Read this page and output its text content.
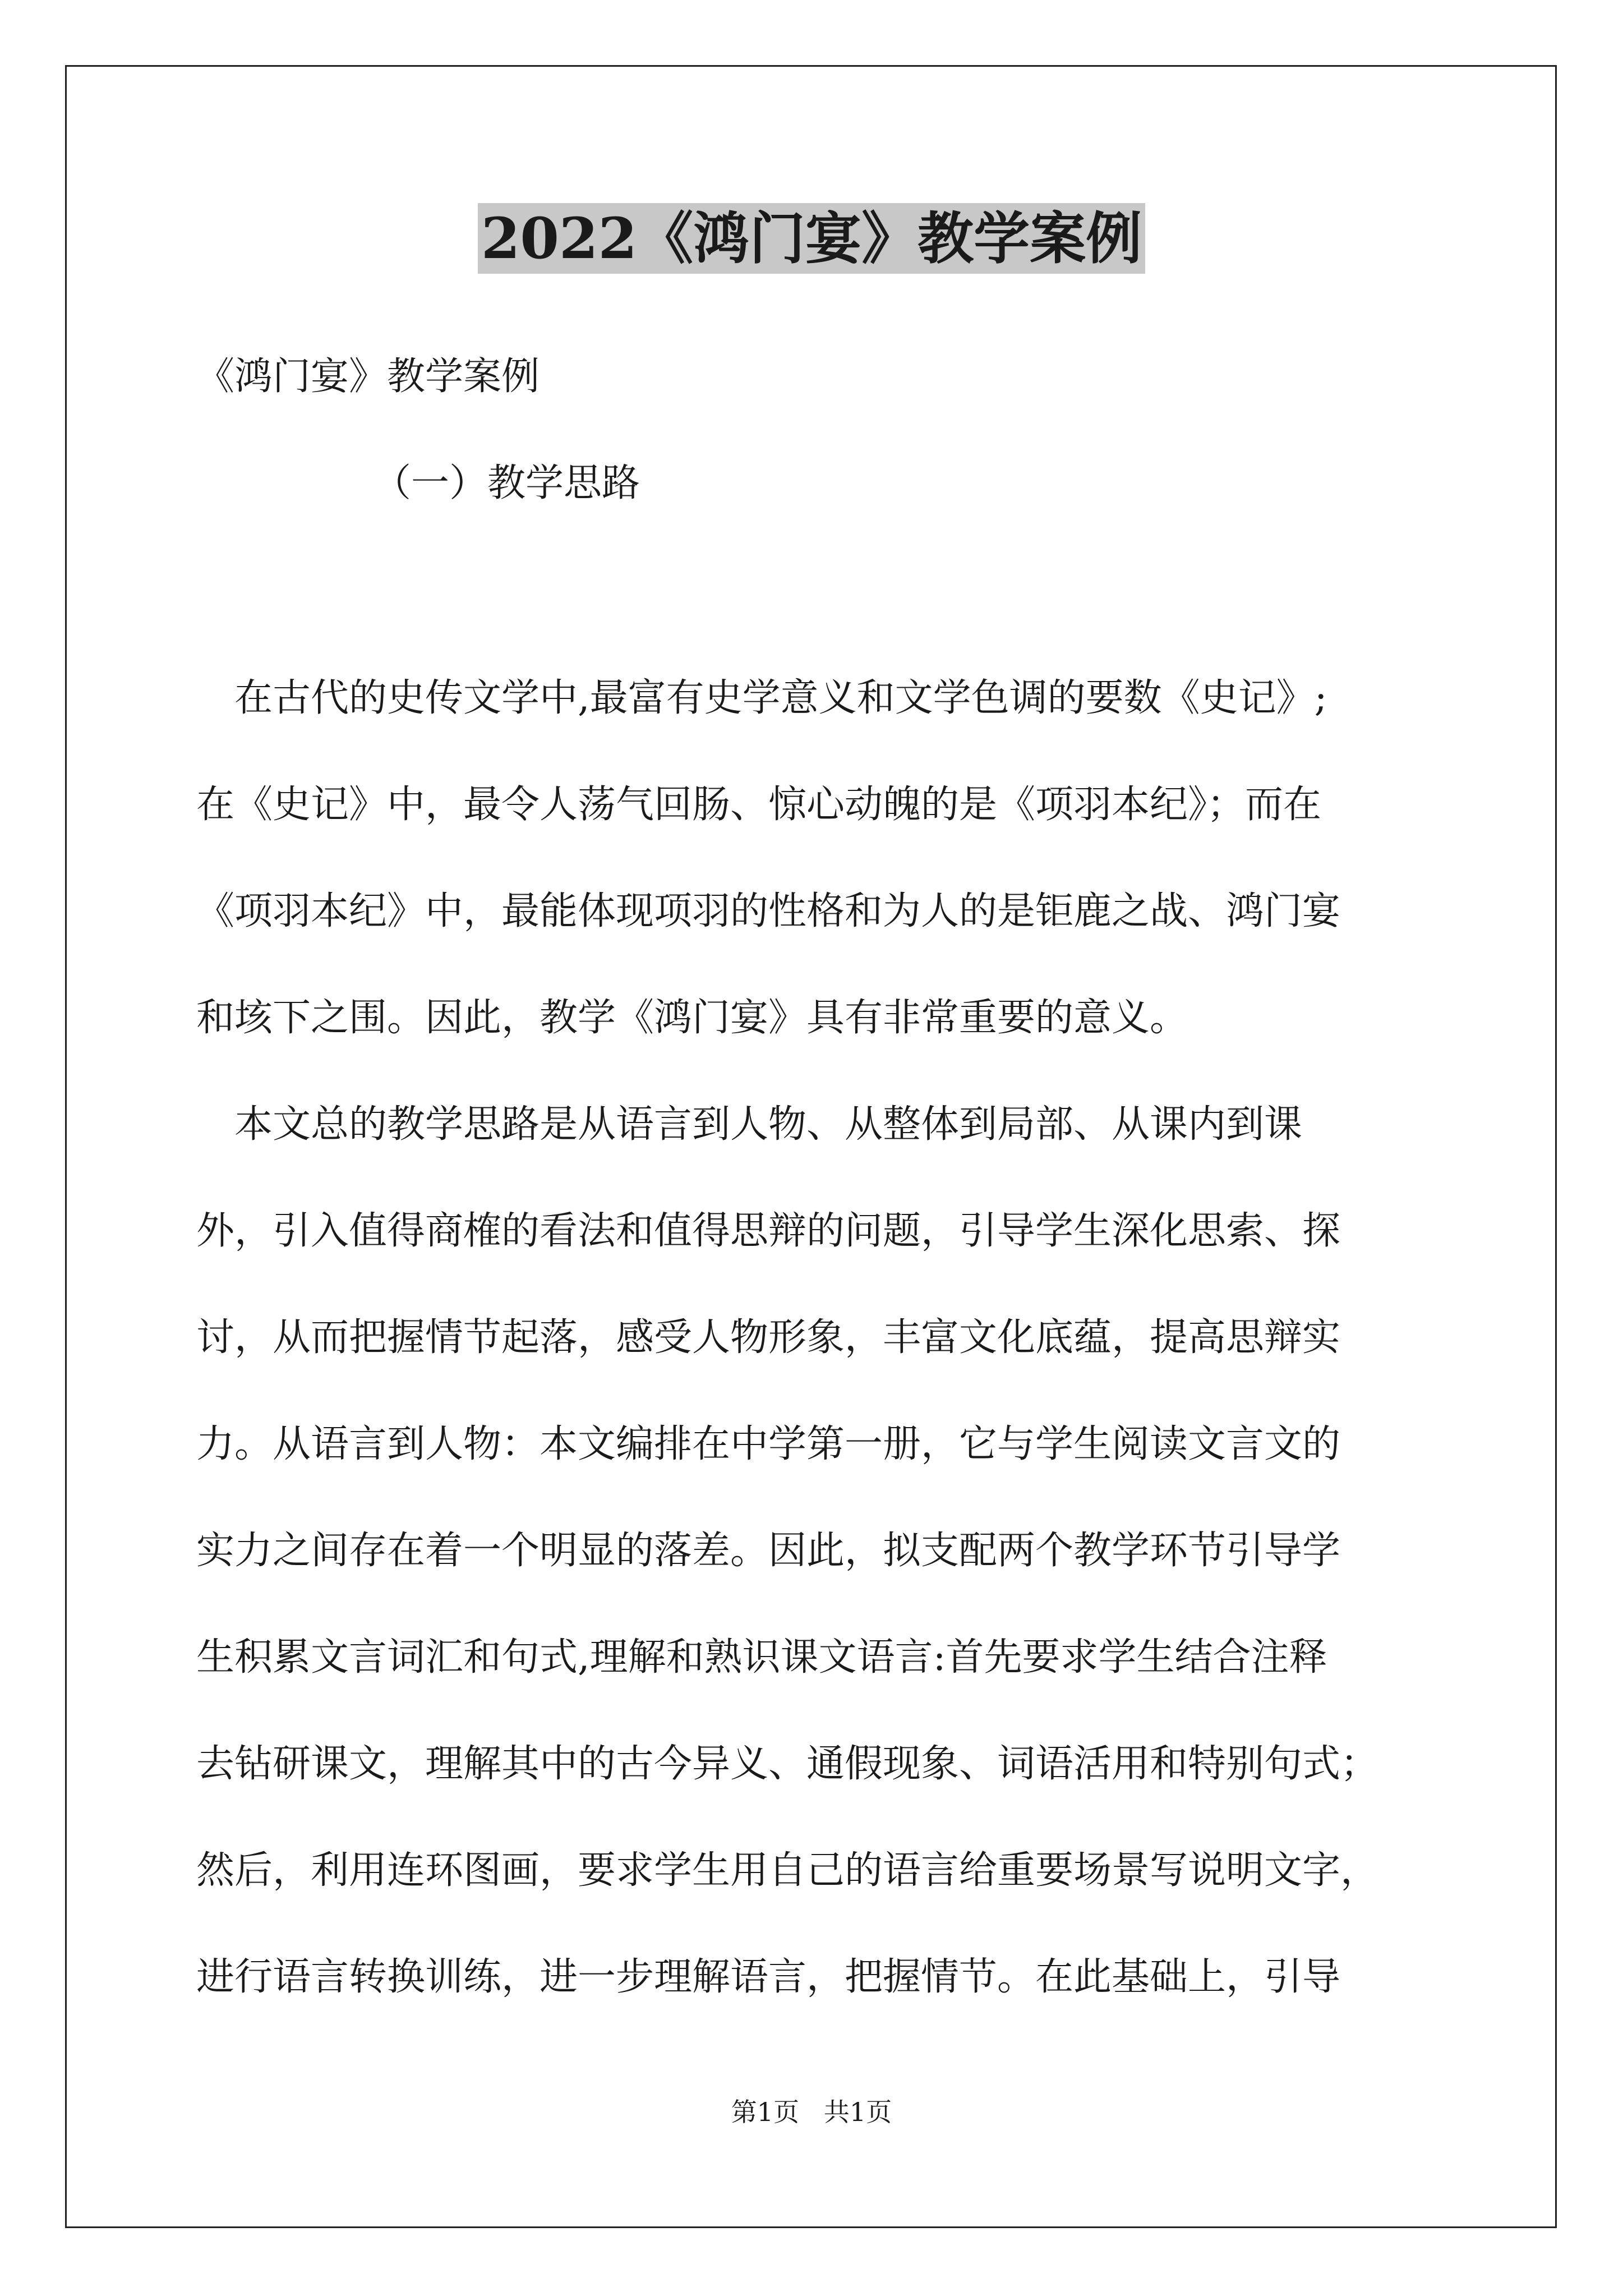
2022《鸿门宴》教学案例
《鸿门宴》教学案例
（一）教学思路
　在古代的史传文学中,最富有史学意义和文学色调的要数《史记》;
在《史记》中，最令人荡气回肠、惊心动魄的是《项羽本纪》；而在
《项羽本纪》中，最能体现项羽的性格和为人的是钜鹿之战、鸿门宴
和垓下之围。因此，教学《鸿门宴》具有非常重要的意义。
　本文总的教学思路是从语言到人物、从整体到局部、从课内到课
外，引入值得商榷的看法和值得思辩的问题，引导学生深化思索、探
讨，从而把握情节起落，感受人物形象，丰富文化底蕴，提高思辩实
力。从语言到人物：本文编排在中学第一册，它与学生阅读文言文的
实力之间存在着一个明显的落差。因此，拟支配两个教学环节引导学
生积累文言词汇和句式,理解和熟识课文语言:首先要求学生结合注释
去钻研课文，理解其中的古今异义、通假现象、词语活用和特别句式；
然后，利用连环图画，要求学生用自己的语言给重要场景写说明文字，
进行语言转换训练，进一步理解语言，把握情节。在此基础上，引导
第1页   共1页
